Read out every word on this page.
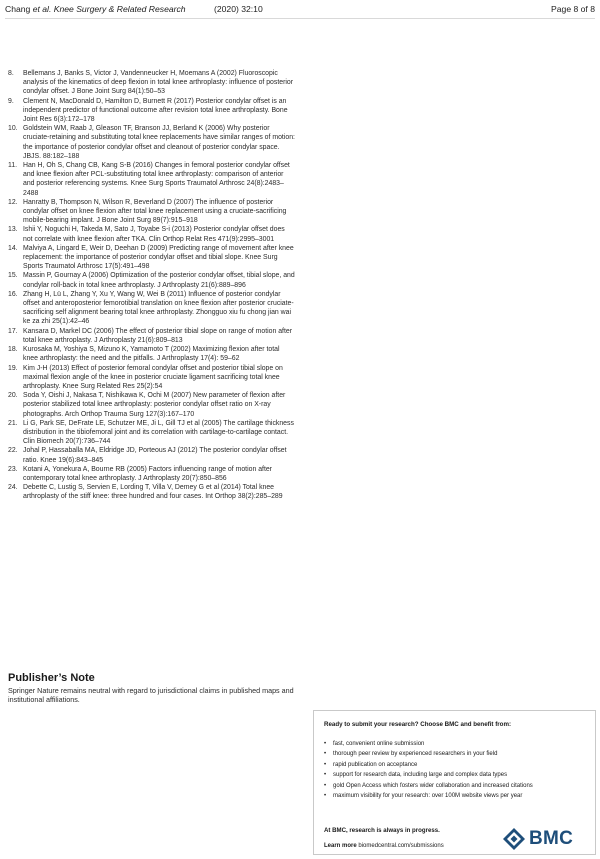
Chang et al. Knee Surgery & Related Research	(2020) 32:10	Page 8 of 8
8.	Bellemans J, Banks S, Victor J, Vandenneucker H, Moemans A (2002) Fluoroscopic analysis of the kinematics of deep flexion in total knee arthroplasty: influence of posterior condylar offset. J Bone Joint Surg 84(1):50–53
9.	Clement N, MacDonald D, Hamilton D, Burnett R (2017) Posterior condylar offset is an independent predictor of functional outcome after revision total knee arthroplasty. Bone Joint Res 6(3):172–178
10. Goldstein WM, Raab J, Gleason TF, Branson JJ, Berland K (2006) Why posterior cruciate-retaining and substituting total knee replacements have similar ranges of motion: the importance of posterior condylar offset and cleanout of posterior condylar space. JBJS. 88:182–188
11. Han H, Oh S, Chang CB, Kang S-B (2016) Changes in femoral posterior condylar offset and knee flexion after PCL-substituting total knee arthroplasty: comparison of anterior and posterior referencing systems. Knee Surg Sports Traumatol Arthrosc 24(8):2483–2488
12. Hanratty B, Thompson N, Wilson R, Beverland D (2007) The influence of posterior condylar offset on knee flexion after total knee replacement using a cruciate-sacrificing mobile-bearing implant. J Bone Joint Surg 89(7):915–918
13. Ishii Y, Noguchi H, Takeda M, Sato J, Toyabe S-i (2013) Posterior condylar offset does not correlate with knee flexion after TKA. Clin Orthop Relat Res 471(9):2995–3001
14. Malviya A, Lingard E, Weir D, Deehan D (2009) Predicting range of movement after knee replacement: the importance of posterior condylar offset and tibial slope. Knee Surg Sports Traumatol Arthrosc 17(5):491–498
15. Massin P, Gournay A (2006) Optimization of the posterior condylar offset, tibial slope, and condylar roll-back in total knee arthroplasty. J Arthroplasty 21(6):889–896
16. Zhang H, Lü L, Zhang Y, Xu Y, Wang W, Wei B (2011) Influence of posterior condylar offset and anteroposterior femorotibial translation on knee flexion after posterior cruciate-sacrificing self alignment bearing total knee arthroplasty. Zhongguo xiu fu chong jian wai ke za zhi 25(1):42–46
17. Kansara D, Markel DC (2006) The effect of posterior tibial slope on range of motion after total knee arthroplasty. J Arthroplasty 21(6):809–813
18. Kurosaka M, Yoshiya S, Mizuno K, Yamamoto T (2002) Maximizing flexion after total knee arthroplasty: the need and the pitfalls. J Arthroplasty 17(4): 59–62
19. Kim J-H (2013) Effect of posterior femoral condylar offset and posterior tibial slope on maximal flexion angle of the knee in posterior cruciate ligament sacrificing total knee arthroplasty. Knee Surg Related Res 25(2):54
20. Soda Y, Oishi J, Nakasa T, Nishikawa K, Ochi M (2007) New parameter of flexion after posterior stabilized total knee arthroplasty: posterior condylar offset ratio on X-ray photographs. Arch Orthop Trauma Surg 127(3):167–170
21. Li G, Park SE, DeFrate LE, Schutzer ME, Ji L, Gill TJ et al (2005) The cartilage thickness distribution in the tibiofemoral joint and its correlation with cartilage-to-cartilage contact. Clin Biomech 20(7):736–744
22. Johal P, Hassaballa MA, Eldridge JD, Porteous AJ (2012) The posterior condylar offset ratio. Knee 19(6):843–845
23. Kotani A, Yonekura A, Bourne RB (2005) Factors influencing range of motion after contemporary total knee arthroplasty. J Arthroplasty 20(7):850–856
24. Debette C, Lustig S, Servien E, Lording T, Villa V, Demey G et al (2014) Total knee arthroplasty of the stiff knee: three hundred and four cases. Int Orthop 38(2):285–289
Publisher’s Note

Springer Nature remains neutral with regard to jurisdictional claims in published maps and institutional affiliations.

Ready to submit your research? Choose BMC and benefit from:
• fast, convenient online submission
• thorough peer review by experienced researchers in your field
• rapid publication on acceptance
• support for research data, including large and complex data types
• gold Open Access which fosters wider collaboration and increased citations
• maximum visibility for your research: over 100M website views per year
At BMC, research is always in progress.
Learn more biomedcentral.com/submissions	BMC
